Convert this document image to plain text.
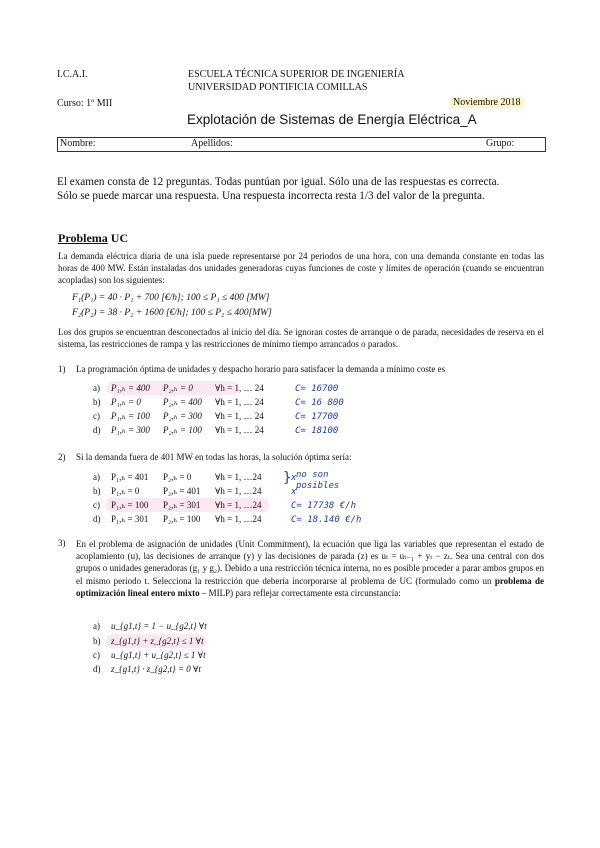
I.C.A.I.	ESCUELA TÉCNICA SUPERIOR DE INGENIERÍA
UNIVERSIDAD PONTIFICIA COMILLAS
Curso: 1º MII	Noviembre 2018
Explotación de Sistemas de Energía Eléctrica_A
Nombre:	Apellidos:	Grupo:
El examen consta de 12 preguntas. Todas puntúan por igual. Sólo una de las respuestas es correcta.
Sólo se puede marcar una respuesta. Una respuesta incorrecta resta 1/3 del valor de la pregunta.
Problema UC
La demanda eléctrica diaria de una isla puede representarse por 24 periodos de una hora, con una demanda constante en todas las horas de 400 MW. Están instaladas dos unidades generadoras cuyas funciones de coste y límites de operación (cuando se encuentran acopladas) son los siguientes:
F₁(P₁) = 40 · P₁ + 700 [€/h]; 100 ≤ P₁ ≤ 400 [MW]
F₂(P₂) = 38 · P₂ + 1600 [€/h]; 100 ≤ P₂ ≤ 400[MW]
Los dos grupos se encuentran desconectados al inicio del día. Se ignoran costes de arranque o de parada, necesidades de reserva en el sistema, las restricciones de rampa y las restricciones de mínimo tiempo arrancados o parados.
1) La programación óptima de unidades y despacho horario para satisfacer la demanda a mínimo coste es
a) P₁,ₕ = 400 P₂,ₕ = 0 ∀h = 1, … 24	C= 16700
b) P₁,ₕ = 0 P₂,ₕ = 400 ∀h = 1, … 24	C= 16 800
c) P₁,ₕ = 100 P₂,ₕ = 300 ∀h = 1, … 24	C= 17700
d) P₁,ₕ = 300 P₂,ₕ = 100 ∀h = 1, … 24	C= 18100
2) Si la demanda fuera de 401 MW en todas las horas, la solución óptima sería:
a) P₁,ₕ = 401 P₂,ₕ = 0	∀h = 1, …24	x
b) P₁,ₕ = 0	P₂,ₕ = 401 ∀h = 1, …24	x
c) P₁,ₕ = 100 P₂,ₕ = 301 ∀h = 1, …24	C= 17738 €/h
d) P₁,ₕ = 301 P₂,ₕ = 100 ∀h = 1, …24	C= 18.140 €/h
} no son posibles
3) En el problema de asignación de unidades (Unit Commitment), la ecuación que liga las variables que representan el estado de acoplamiento (u), las decisiones de arranque (y) y las decisiones de parada (z) es uₜ = uₜ₋₁ + yₜ − zₜ. Sea una central con dos grupos o unidades generadoras (g₁ y g₂). Debido a una restricción técnica interna, no es posible proceder a parar ambos grupos en el mismo periodo t. Selecciona la restricción que debería incorporarse al problema de UC (formulado como un problema de optimización lineal entero mixto – MILP) para reflejar correctamente esta circunstancia:
a) u_{g1,t} = 1 − u_{g2,t} ∀t
b) z_{g1,t} + z_{g2,t} ≤ 1 ∀t
c) u_{g1,t} + u_{g2,t} ≤ 1 ∀t
d) z_{g1,t} · z_{g2,t} = 0 ∀t
